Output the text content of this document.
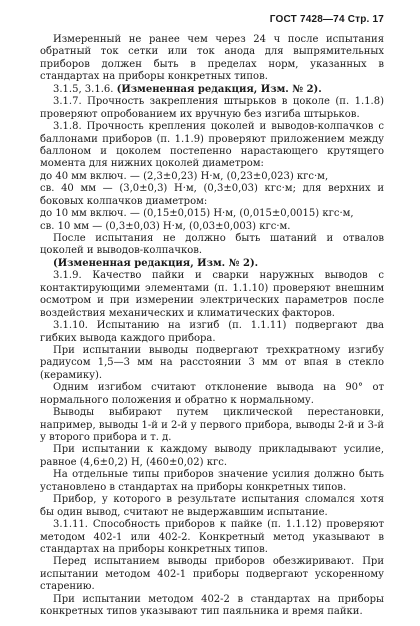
ГОСТ 7428—74 Стр. 17

Измеренный не ранее чем через 24 ч после испытания обратный ток сетки или ток анода для выпрямительных приборов должен быть в пределах норм, указанных в стандартах на приборы конкретных типов.

3.1.5, 3.1.6. (Измененная редакция, Изм. № 2).

3.1.7. Прочность закрепления штырьков в цоколе (п. 1.1.8) проверяют опробованием их вручную без изгиба штырьков.

3.1.8. Прочность крепления цоколей и выводов-колпачков с баллонами приборов (п. 1.1.9) проверяют приложением между баллоном и цоколем постепенно нарастающего крутящего момента для нижних цоколей диаметром:

до 40 мм включ. — (2,3±0,23) Н·м, (0,23±0,023) кгс·м,

св. 40 мм — (3,0±0,3) Н·м, (0,3±0,03) кгс·м; для верхних и боковых колпачков диаметром:

до 10 мм включ. — (0,15±0,015) Н·м, (0,015±0,0015) кгс·м,

св. 10 мм — (0,3±0,03) Н·м, (0,03±0,003) кгс·м.

После испытания не должно быть шатаний и отвалов цоколей и выводов-колпачков.

(Измененная редакция, Изм. № 2).

3.1.9. Качество пайки и сварки наружных выводов с контактирующими элементами (п. 1.1.10) проверяют внешним осмотром и при измерении электрических параметров после воздействия механических и климатических факторов.

3.1.10. Испытанию на изгиб (п. 1.1.11) подвергают два гибких вывода каждого прибора.

При испытании выводы подвергают трехкратному изгибу радиусом 1,5—3 мм на расстоянии 3 мм от впая в стекло (керамику).

Одним изгибом считают отклонение вывода на 90° от нормального положения и обратно к нормальному.

Выводы выбирают путем циклической перестановки, например, выводы 1-й и 2-й у первого прибора, выводы 2-й и 3-й у второго прибора и т. д.

При испытании к каждому выводу прикладывают усилие, равное (4,6±0,2) Н, (460±0,02) кгс.

На отдельные типы приборов значение усилия должно быть установлено в стандартах на приборы конкретных типов.

Прибор, у которого в результате испытания сломался хотя бы один вывод, считают не выдержавшим испытание.

3.1.11. Способность приборов к пайке (п. 1.1.12) проверяют методом 402-1 или 402-2. Конкретный метод указывают в стандартах на приборы конкретных типов.

Перед испытанием выводы приборов обезжиривают. При испытании методом 402-1 приборы подвергают ускоренному старению.

При испытании методом 402-2 в стандартах на приборы конкретных типов указывают тип паяльника и время пайки.
